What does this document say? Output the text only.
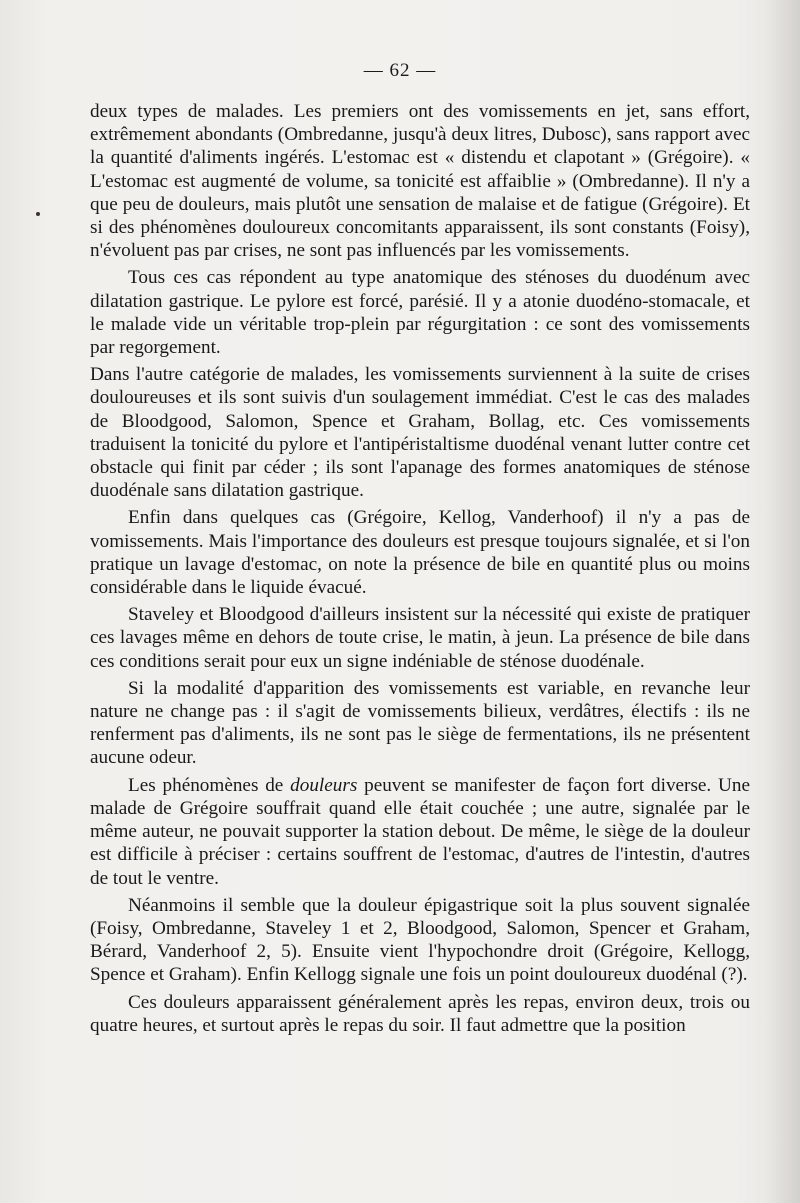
— 62 —

deux types de malades. Les premiers ont des vomissements en jet, sans effort, extrêmement abondants (Ombredanne, jusqu'à deux litres, Dubosc), sans rapport avec la quantité d'aliments ingérés. L'estomac est « distendu et clapotant » (Grégoire). « L'estomac est augmenté de volume, sa tonicité est affaiblie » (Ombredanne). Il n'y a que peu de douleurs, mais plutôt une sensation de malaise et de fatigue (Grégoire). Et si des phénomènes douloureux concomitants apparaissent, ils sont constants (Foisy), n'évoluent pas par crises, ne sont pas influencés par les vomissements.

Tous ces cas répondent au type anatomique des sténoses du duodénum avec dilatation gastrique. Le pylore est forcé, parésié. Il y a atonie duodéno-stomacale, et le malade vide un véritable trop-plein par régurgitation : ce sont des vomissements par regorgement.

Dans l'autre catégorie de malades, les vomissements surviennent à la suite de crises douloureuses et ils sont suivis d'un soulagement immédiat. C'est le cas des malades de Bloodgood, Salomon, Spence et Graham, Bollag, etc. Ces vomissements traduisent la tonicité du pylore et l'antipéristaltisme duodénal venant lutter contre cet obstacle qui finit par céder ; ils sont l'apanage des formes anatomiques de sténose duodénale sans dilatation gastrique.

Enfin dans quelques cas (Grégoire, Kellog, Vanderhoof) il n'y a pas de vomissements. Mais l'importance des douleurs est presque toujours signalée, et si l'on pratique un lavage d'estomac, on note la présence de bile en quantité plus ou moins considérable dans le liquide évacué.

Staveley et Bloodgood d'ailleurs insistent sur la nécessité qui existe de pratiquer ces lavages même en dehors de toute crise, le matin, à jeun. La présence de bile dans ces conditions serait pour eux un signe indéniable de sténose duodénale.

Si la modalité d'apparition des vomissements est variable, en revanche leur nature ne change pas : il s'agit de vomissements bilieux, verdâtres, électifs : ils ne renferment pas d'aliments, ils ne sont pas le siège de fermentations, ils ne présentent aucune odeur.

Les phénomènes de douleurs peuvent se manifester de façon fort diverse. Une malade de Grégoire souffrait quand elle était couchée ; une autre, signalée par le même auteur, ne pouvait supporter la station debout. De même, le siège de la douleur est difficile à préciser : certains souffrent de l'estomac, d'autres de l'intestin, d'autres de tout le ventre.

Néanmoins il semble que la douleur épigastrique soit la plus souvent signalée (Foisy, Ombredanne, Staveley 1 et 2, Bloodgood, Salomon, Spencer et Graham, Bérard, Vanderhoof 2, 5). Ensuite vient l'hypochondre droit (Grégoire, Kellogg, Spence et Graham). Enfin Kellogg signale une fois un point douloureux duodénal (?).

Ces douleurs apparaissent généralement après les repas, environ deux, trois ou quatre heures, et surtout après le repas du soir. Il faut admettre que la position
